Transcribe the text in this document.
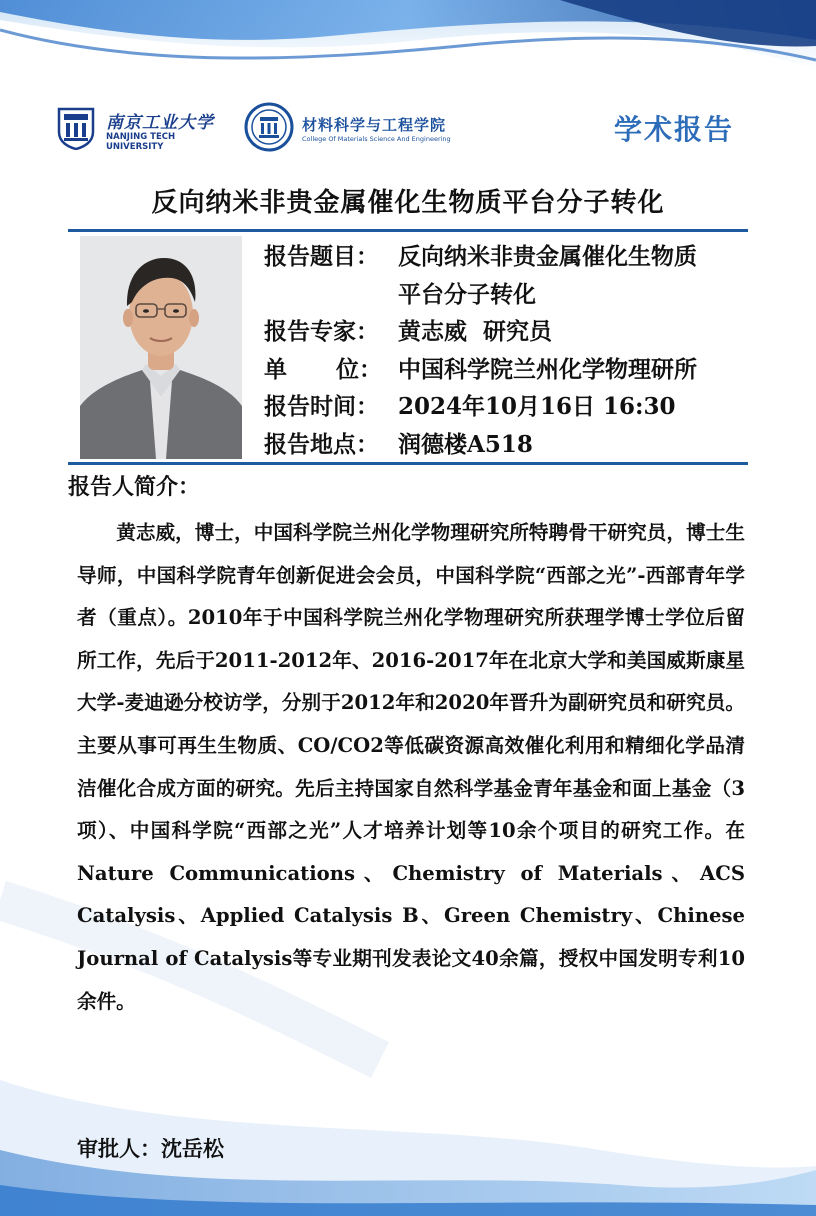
南京工业大学
NANJING TECH
UNIVERSITY
材料科学与工程学院
College Of Materials Science And Engineering	学术报告
反向纳米非贵金属催化生物质平台分子转化
报告题目： 反向纳米非贵金属催化生物质
平台分子转化
报告专家： 黄志威  研究员
单 位： 中国科学院兰州化学物理研所
报告时间： 2024年10月16日 16:30
报告地点： 润德楼A518
报告人简介：
黄志威，博士，中国科学院兰州化学物理研究所特聘骨干研究员，博士生导师，中国科学院青年创新促进会会员，中国科学院“西部之光”-西部青年学者（重点）。2010年于中国科学院兰州化学物理研究所获理学博士学位后留所工作，先后于2011-2012年、2016-2017年在北京大学和美国威斯康星大学-麦迪逊分校访学，分别于2012年和2020年晋升为副研究员和研究员。主要从事可再生生物质、CO/CO2等低碳资源高效催化利用和精细化学品清洁催化合成方面的研究。先后主持国家自然科学基金青年基金和面上基金（3项）、中国科学院“西部之光”人才培养计划等10余个项目的研究工作。在Nature Communications、Chemistry of Materials、ACS Catalysis、Applied Catalysis B、Green Chemistry、Chinese Journal of Catalysis等专业期刊发表论文40余篇，授权中国发明专利10余件。
审批人：沈岳松
